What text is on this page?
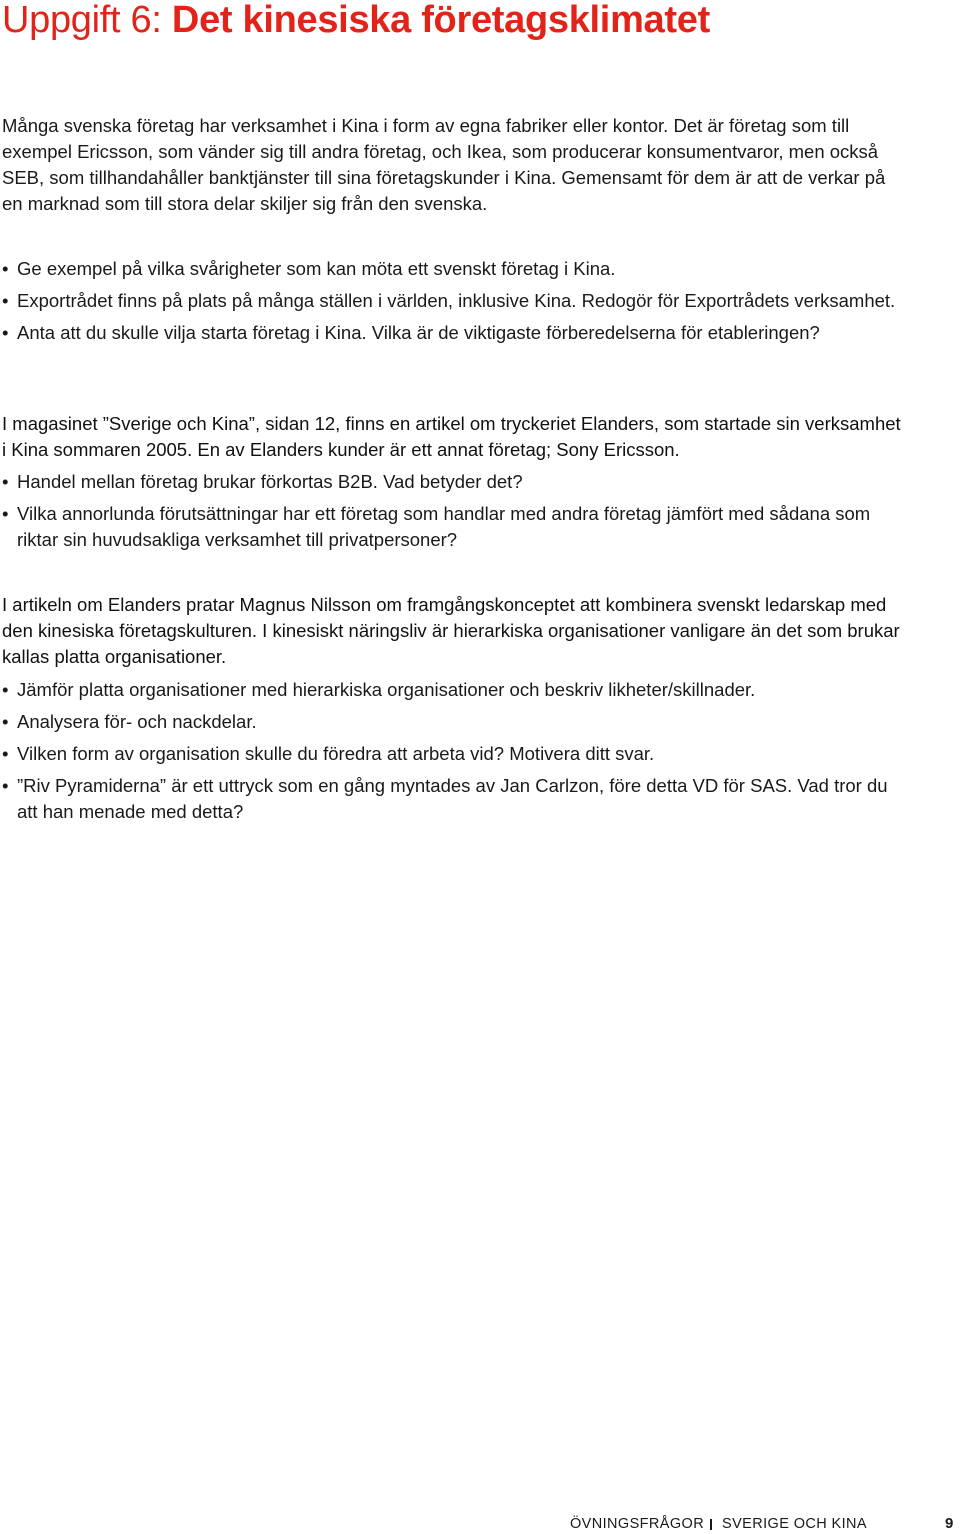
Uppgift 6: Det kinesiska företagsklimatet

Många svenska företag har verksamhet i Kina i form av egna fabriker eller kontor. Det är företag som till exempel Ericsson, som vänder sig till andra företag, och Ikea, som producerar konsumentvaror, men också SEB, som tillhandahåller banktjänster till sina företagskunder i Kina. Gemensamt för dem är att de verkar på en marknad som till stora delar skiljer sig från den svenska.

• Ge exempel på vilka svårigheter som kan möta ett svenskt företag i Kina.
• Exportrådet finns på plats på många ställen i världen, inklusive Kina. Redogör för Exportrådets verksamhet.
• Anta att du skulle vilja starta företag i Kina. Vilka är de viktigaste förberedelserna för etableringen?

I magasinet ”Sverige och Kina”, sidan 12, finns en artikel om tryckeriet Elanders, som startade sin verksamhet i Kina sommaren 2005. En av Elanders kunder är ett annat företag; Sony Ericsson.

• Handel mellan företag brukar förkortas B2B. Vad betyder det?
• Vilka annorlunda förutsättningar har ett företag som handlar med andra företag jämfört med sådana som riktar sin huvudsakliga verksamhet till privatpersoner?

I artikeln om Elanders pratar Magnus Nilsson om framgångskonceptet att kombinera svenskt ledarskap med den kinesiska företagskulturen. I kinesiskt näringsliv är hierarkiska organisationer vanligare än det som brukar kallas platta organisationer.

• Jämför platta organisationer med hierarkiska organisationer och beskriv likheter/skillnader.
• Analysera för- och nackdelar.
• Vilken form av organisation skulle du föredra att arbeta vid? Motivera ditt svar.
• ”Riv Pyramiderna” är ett uttryck som en gång myntades av Jan Carlzon, före detta VD för SAS. Vad tror du att han menade med detta?
ÖVNINGSFRÅGOR SVERIGE OCH KINA	9
